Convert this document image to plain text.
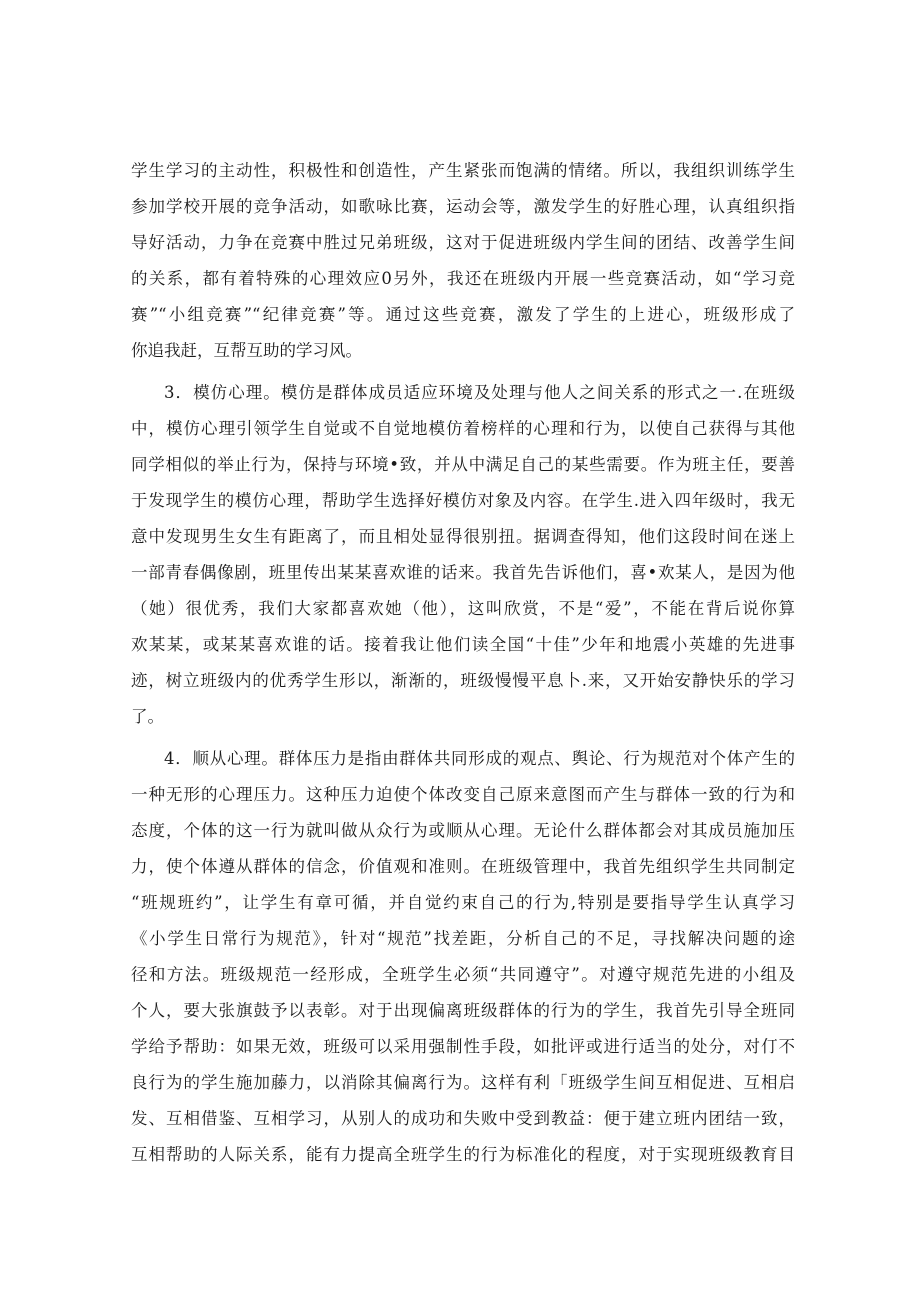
学生学习的主动性，积极性和创造性，产生紧张而饱满的情绪。所以，我组织训练学生
参加学校开展的竞争活动，如歌咏比赛，运动会等，激发学生的好胜心理，认真组织指
导好活动，力争在竞赛中胜过兄弟班级，这对于促进班级内学生间的团结、改善学生间
的关系，都有着特殊的心理效应0另外，我还在班级内开展一些竞赛活动，如“学习竞
赛”“小组竞赛”“纪律竞赛”等。通过这些竞赛，激发了学生的上进心，班级形成了
你追我赶，互帮互助的学习风。
3．模仿心理。模仿是群体成员适应环境及处理与他人之间关系的形式之一.在班级
中，模仿心理引领学生自觉或不自觉地模仿着榜样的心理和行为，以使自己获得与其他
同学相似的举止行为，保持与环境•致，并从中满足自己的某些需要。作为班主任，要善
于发现学生的模仿心理，帮助学生选择好模仿对象及内容。在学生.进入四年级时，我无
意中发现男生女生有距离了，而且相处显得很别扭。据调查得知，他们这段时间在迷上
一部青春偶像剧，班里传出某某喜欢谁的话来。我首先告诉他们，喜•欢某人，是因为他
（她）很优秀，我们大家都喜欢她（他），这叫欣赏，不是“爱”，不能在背后说你算
欢某某，或某某喜欢谁的话。接着我让他们读全国“十佳”少年和地震小英雄的先进事
迹，树立班级内的优秀学生形以，渐渐的，班级慢慢平息卜.来，又开始安静快乐的学习
了。
4．顺从心理。群体压力是指由群体共同形成的观点、舆论、行为规范对个体产生的
一种无形的心理压力。这种压力迫使个体改变自己原来意图而产生与群体一致的行为和
态度，个体的这一行为就叫做从众行为或顺从心理。无论什么群体都会对其成员施加压
力，使个体遵从群体的信念，价值观和准则。在班级管理中，我首先组织学生共同制定
“班规班约”，让学生有章可循，并自觉约束自己的行为,特别是要指导学生认真学习
《小学生日常行为规范》，针对“规范”找差距，分析自己的不足，寻找解决问题的途
径和方法。班级规范一经形成，全班学生必须“共同遵守”。对遵守规范先进的小组及
个人，要大张旗鼓予以表彰。对于出现偏离班级群体的行为的学生，我首先引导全班同
学给予帮助：如果无效，班级可以采用强制性手段，如批评或进行适当的处分，对仃不
良行为的学生施加藤力，以消除其偏离行为。这样有利「班级学生间互相促进、互相启
发、互相借鉴、互相学习，从别人的成功和失败中受到教益：便于建立班内团结一致，
互相帮助的人际关系，能有力提高全班学生的行为标准化的程度，对于实现班级教育目
